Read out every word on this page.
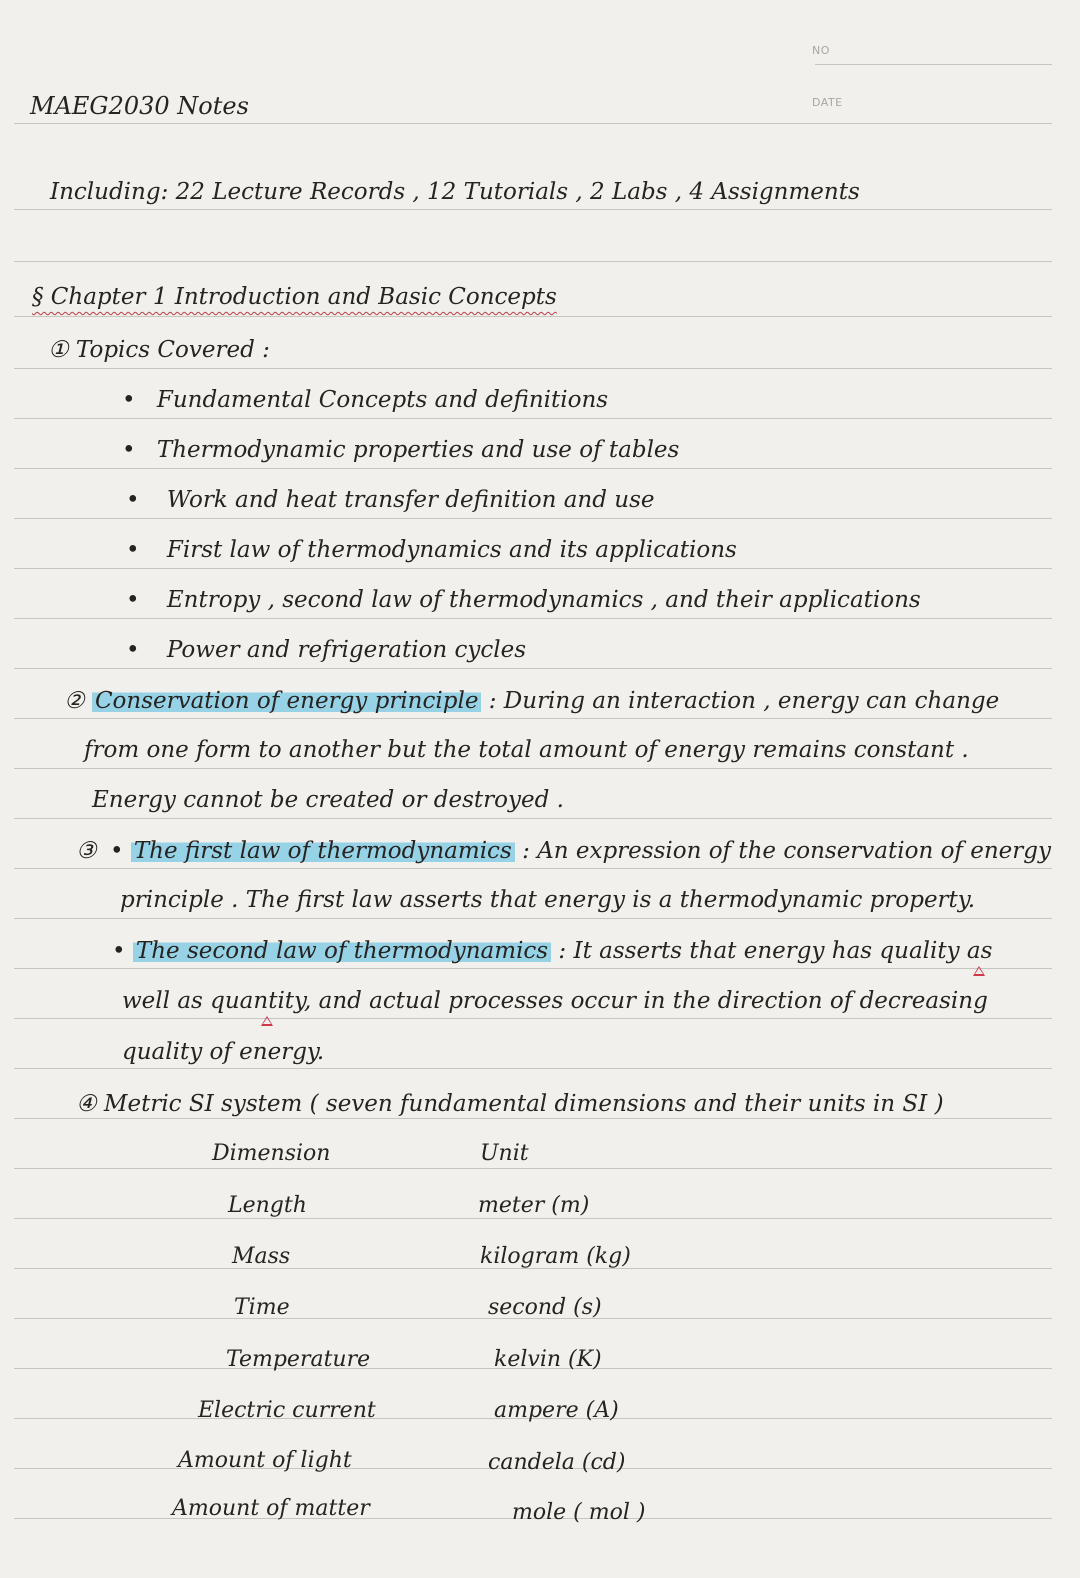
NO
DATE
MAEG2030 Notes
Including: 22 Lecture Records , 12 Tutorials , 2 Labs , 4 Assignments
§ Chapter 1 Introduction and Basic Concepts
① Topics Covered :
• Fundamental Concepts and definitions
• Thermodynamic properties and use of tables
• Work and heat transfer definition and use
• First law of thermodynamics and its applications
• Entropy , second law of thermodynamics , and their applications
• Power and refrigeration cycles
② Conservation of energy principle : During an interaction , energy can change
from one form to another but the total amount of energy remains constant .
Energy cannot be created or destroyed .
③ • The first law of thermodynamics : An expression of the conservation of energy
principle . The first law asserts that energy is a thermodynamic property.
• The second law of thermodynamics : It asserts that energy has quality as
well as quantity, and actual processes occur in the direction of decreasing
quality of energy.
④ Metric SI system ( seven fundamental dimensions and their units in SI )
Dimension	Unit
Length	meter (m)
Mass	kilogram (kg)
Time	second (s)
Temperature	kelvin (K)
Electric current	ampere (A)
Amount of light	candela (cd)
Amount of matter	mole ( mol )
